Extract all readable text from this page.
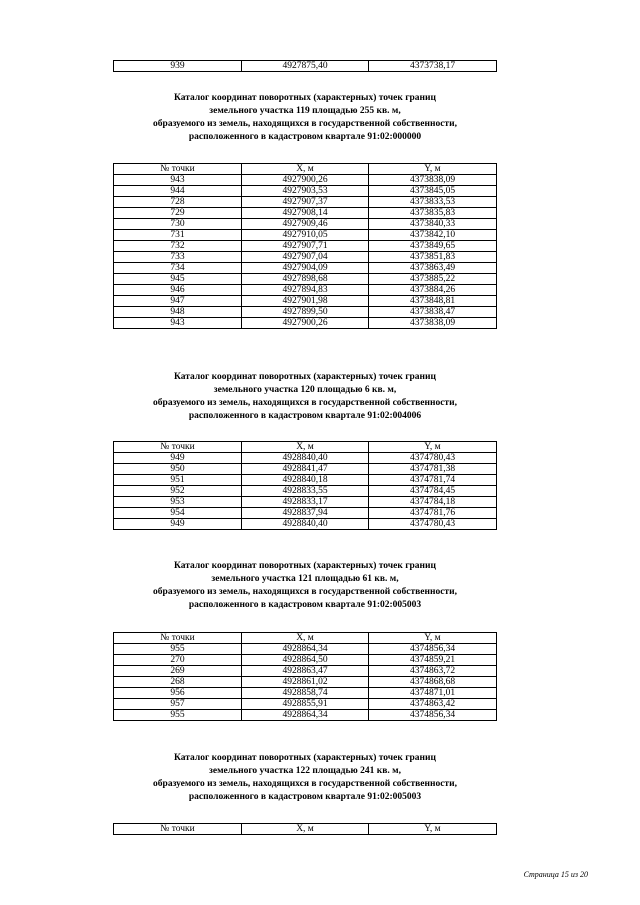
939	4927875,40	4373738,17
Каталог координат поворотных (характерных) точек границ
земельного участка 119 площадью 255 кв. м,
образуемого из земель, находящихся в государственной собственности,
расположенного в кадастровом квартале 91:02:000000
№ точки	X, м	Y, м
943	4927900,26	4373838,09
944	4927903,53	4373845,05
728	4927907,37	4373833,53
729	4927908,14	4373835,83
730	4927909,46	4373840,33
731	4927910,05	4373842,10
732	4927907,71	4373849,65
733	4927907,04	4373851,83
734	4927904,09	4373863,49
945	4927898,68	4373885,22
946	4927894,83	4373884,26
947	4927901,98	4373848,81
948	4927899,50	4373838,47
943	4927900,26	4373838,09
Каталог координат поворотных (характерных) точек границ
земельного участка 120 площадью 6 кв. м,
образуемого из земель, находящихся в государственной собственности,
расположенного в кадастровом квартале 91:02:004006
№ точки	X, м	Y, м
949	4928840,40	4374780,43
950	4928841,47	4374781,38
951	4928840,18	4374781,74
952	4928833,55	4374784,45
953	4928833,17	4374784,18
954	4928837,94	4374781,76
949	4928840,40	4374780,43
Каталог координат поворотных (характерных) точек границ
земельного участка 121 площадью 61 кв. м,
образуемого из земель, находящихся в государственной собственности,
расположенного в кадастровом квартале 91:02:005003
№ точки	X, м	Y, м
955	4928864,34	4374856,34
270	4928864,50	4374859,21
269	4928863,47	4374863,72
268	4928861,02	4374868,68
956	4928858,74	4374871,01
957	4928855,91	4374863,42
955	4928864,34	4374856,34
Каталог координат поворотных (характерных) точек границ
земельного участка 122 площадью 241 кв. м,
образуемого из земель, находящихся в государственной собственности,
расположенного в кадастровом квартале 91:02:005003
№ точки	X, м	Y, м
Страница 15 из 20
